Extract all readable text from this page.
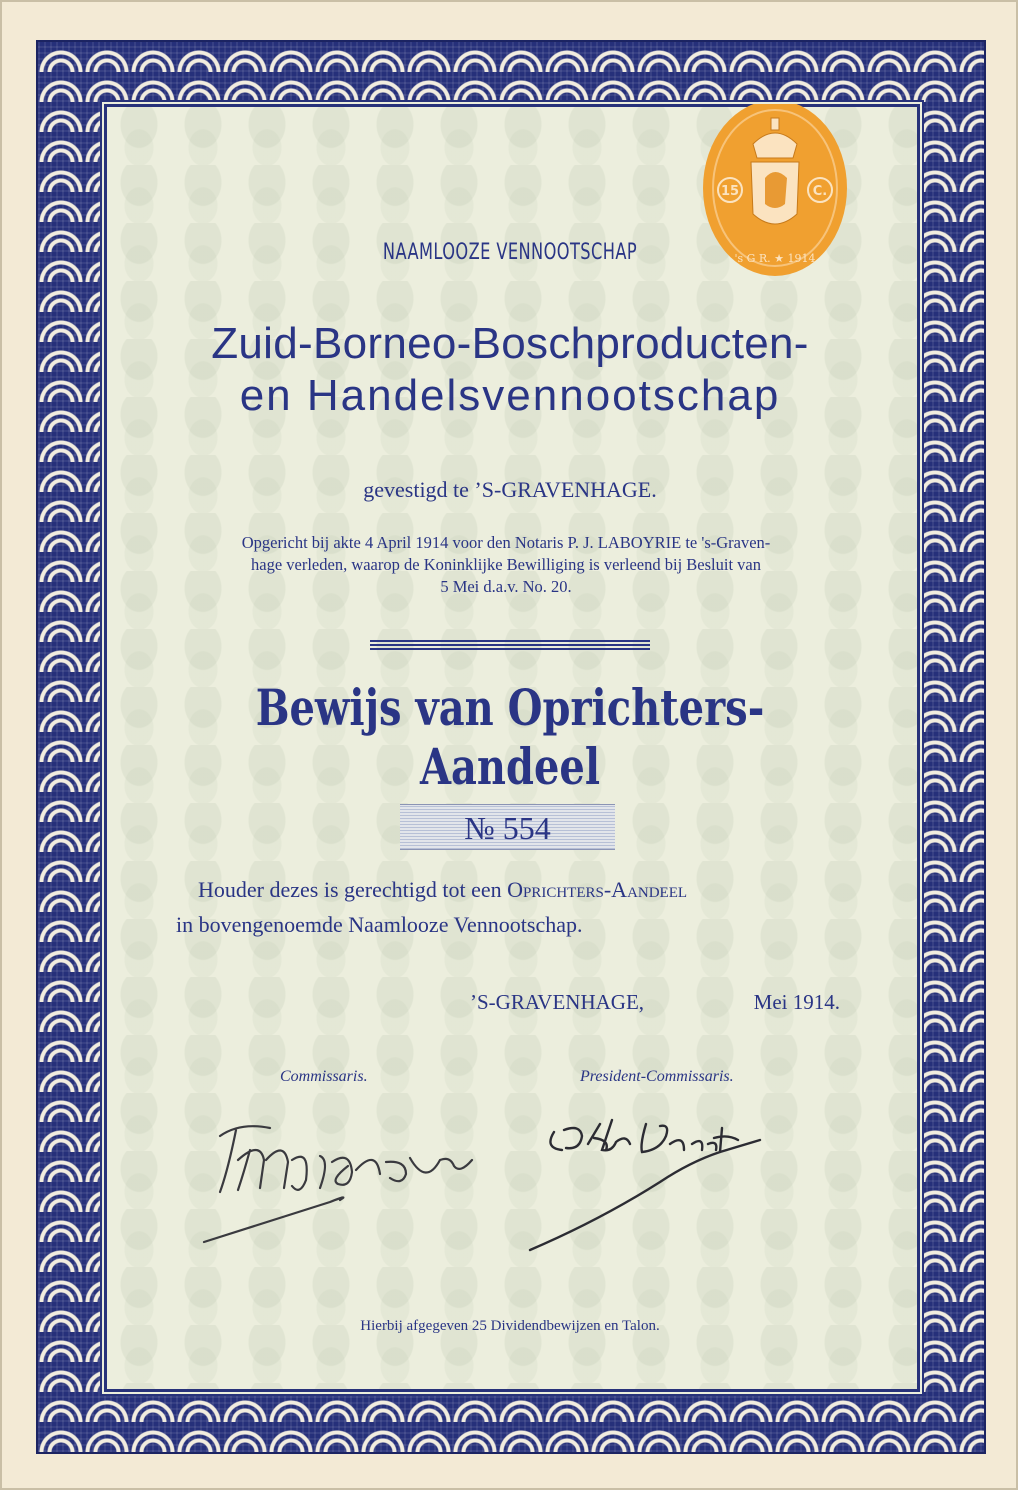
15	C.
's G R. ★ 1914
NAAMLOOZE VENNOOTSCHAP
Zuid-Borneo-Boschproducten-
en Handelsvennootschap
gevestigd te ’S-GRAVENHAGE.
Opgericht bij akte 4 April 1914 voor den Notaris P. J. LABOYRIE te 's-Graven-
hage verleden, waarop de Koninklijke Bewilliging is verleend bij Besluit van
5 Mei d.a.v. No. 20.
Bewijs van Oprichters-Aandeel
№ 554
Houder dezes is gerechtigd tot een Oprichters-Aandeel
in bovengenoemde Naamlooze Vennootschap.
’S-GRAVENHAGE,	Mei 1914.
Commissaris.	President-Commissaris.
Hierbij afgegeven 25 Dividendbewijzen en Talon.
